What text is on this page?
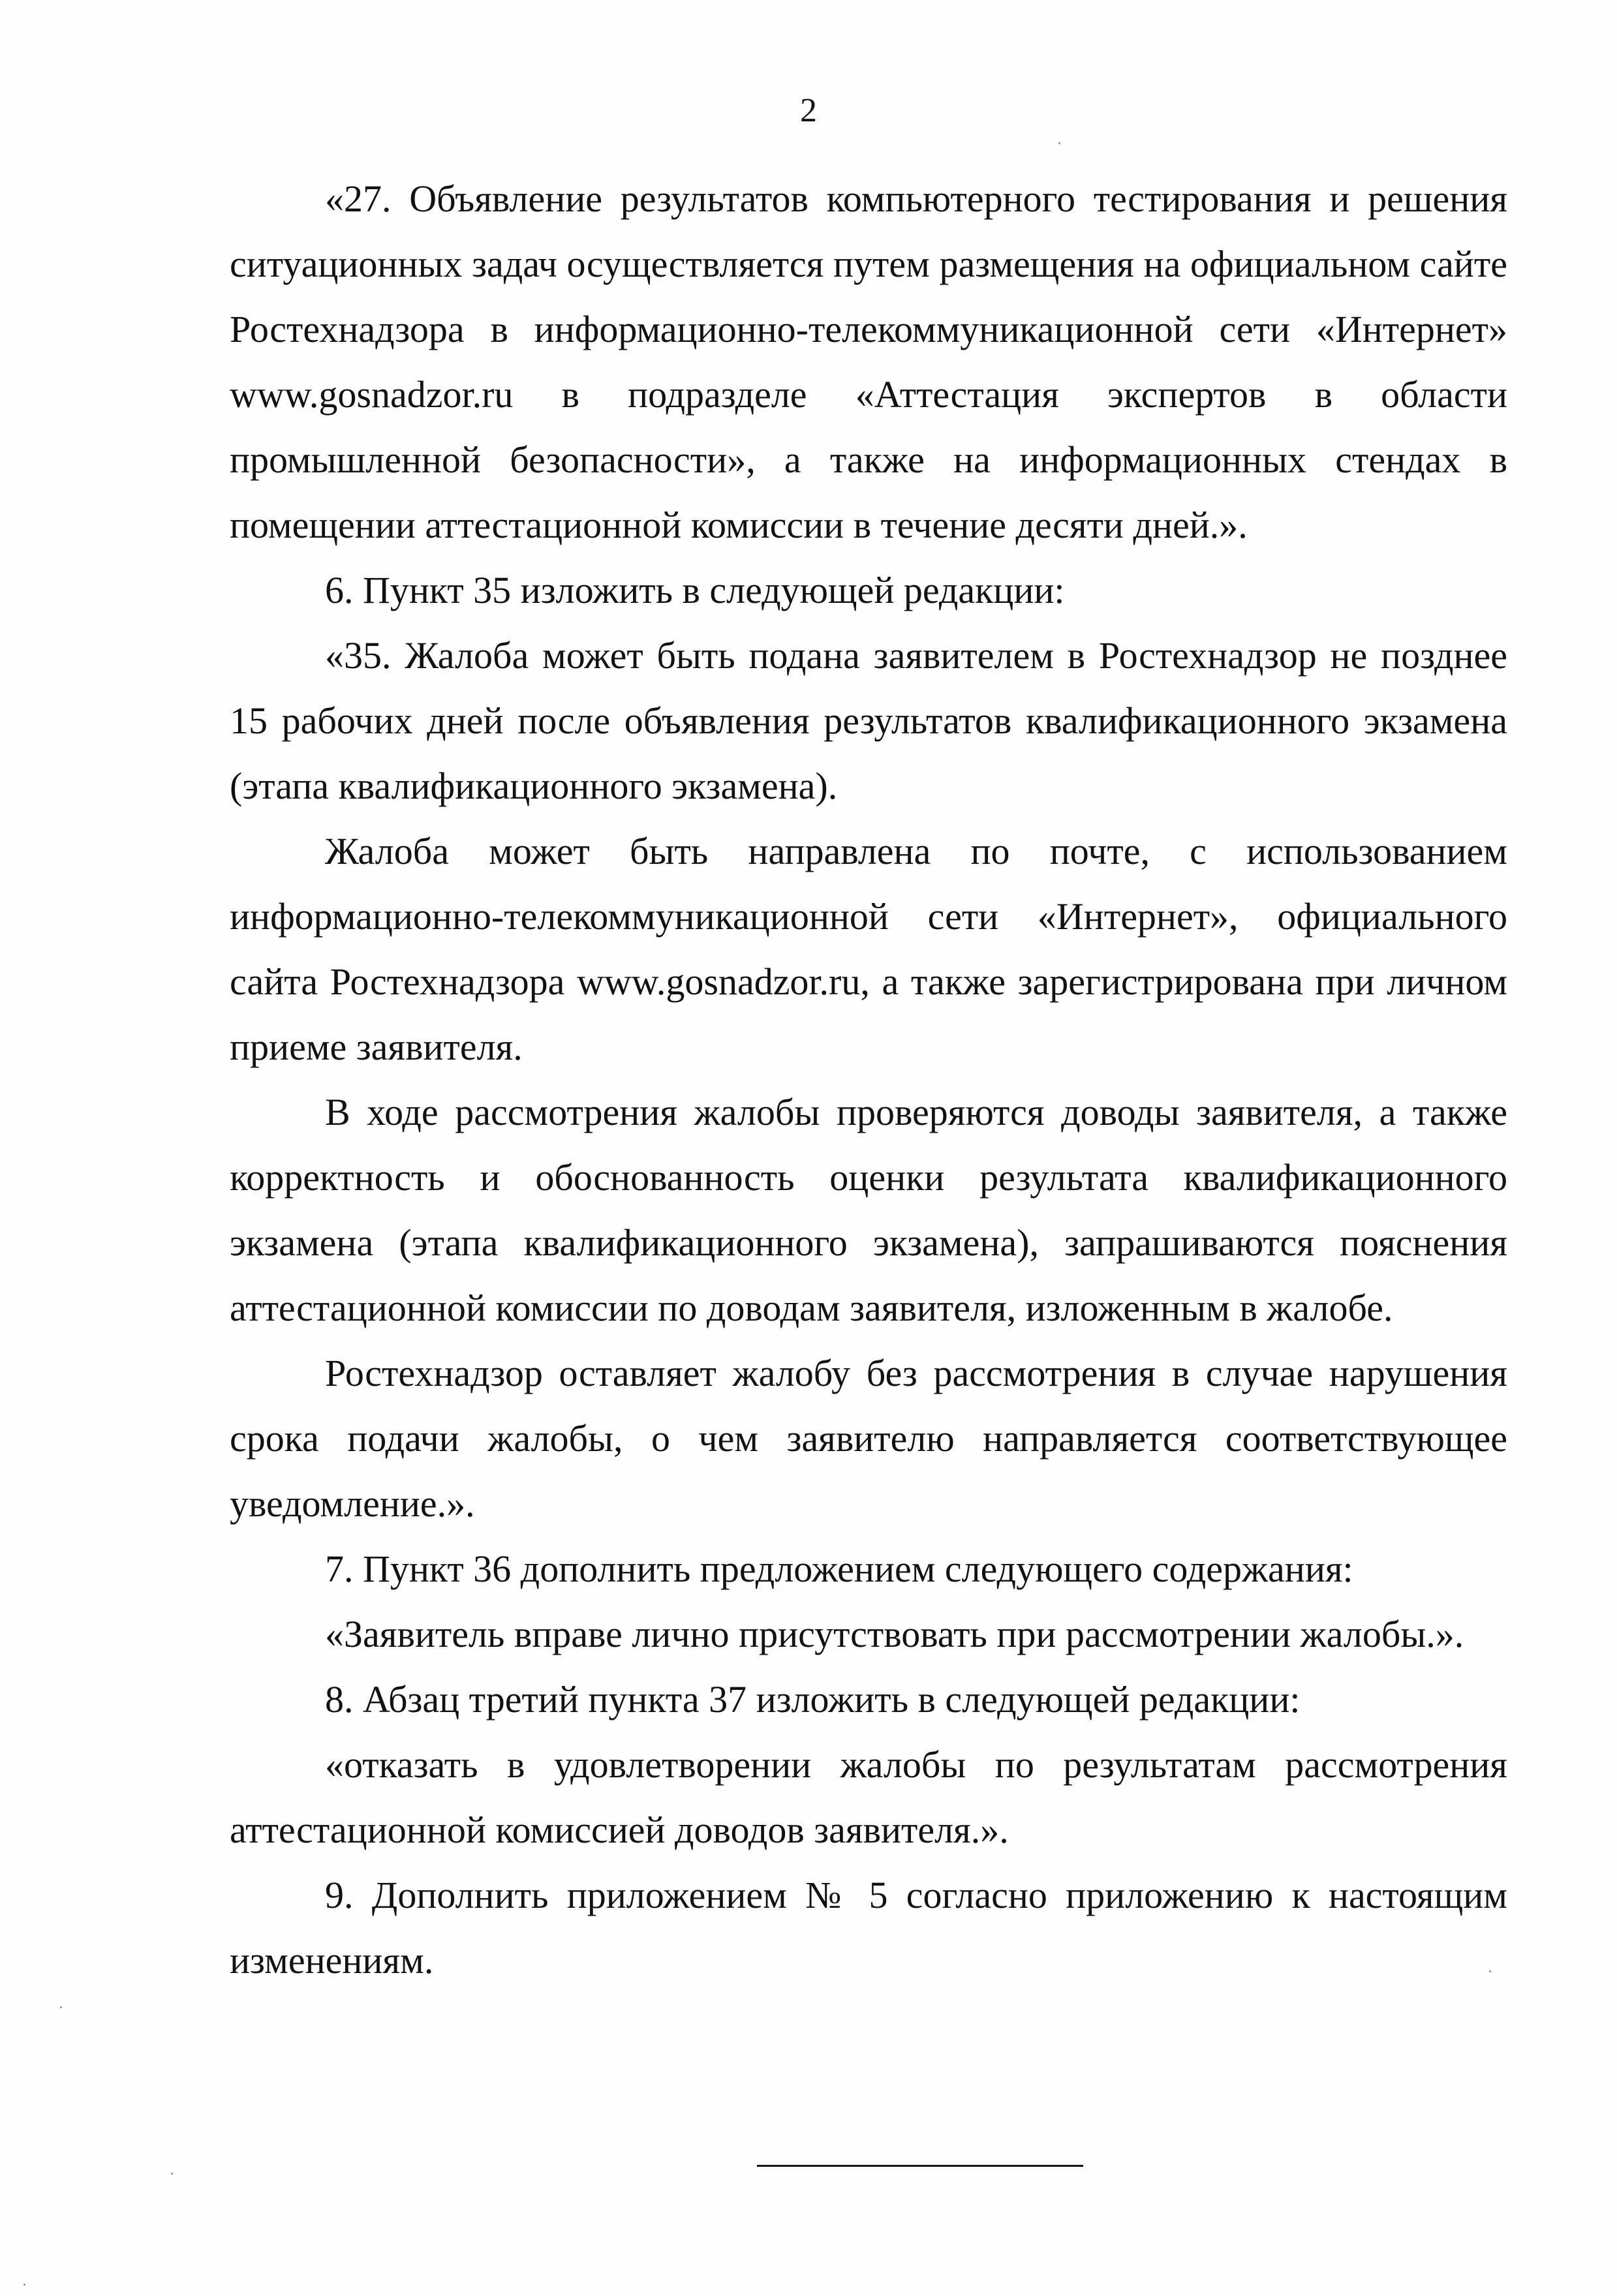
2

«27. Объявление результатов компьютерного тестирования и решения ситуационных задач осуществляется путем размещения на официальном сайте Ростехнадзора в информационно-телекоммуникационной сети «Интернет» www.gosnadzor.ru в подразделе «Аттестация экспертов в области промышленной безопасности», а также на информационных стендах в помещении аттестационной комиссии в течение десяти дней.».

6. Пункт 35 изложить в следующей редакции:

«35. Жалоба может быть подана заявителем в Ростехнадзор не позднее 15 рабочих дней после объявления результатов квалификационного экзамена (этапа квалификационного экзамена).

Жалоба может быть направлена по почте, с использованием информационно-телекоммуникационной сети «Интернет», официального сайта Ростехнадзора www.gosnadzor.ru, а также зарегистрирована при личном приеме заявителя.

В ходе рассмотрения жалобы проверяются доводы заявителя, а также корректность и обоснованность оценки результата квалификационного экзамена (этапа квалификационного экзамена), запрашиваются пояснения аттестационной комиссии по доводам заявителя, изложенным в жалобе.

Ростехнадзор оставляет жалобу без рассмотрения в случае нарушения срока подачи жалобы, о чем заявителю направляется соответствующее уведомление.».

7. Пункт 36 дополнить предложением следующего содержания:

«Заявитель вправе лично присутствовать при рассмотрении жалобы.».

8. Абзац третий пункта 37 изложить в следующей редакции:

«отказать в удовлетворении жалобы по результатам рассмотрения аттестационной комиссией доводов заявителя.».

9. Дополнить приложением № 5 согласно приложению к настоящим изменениям.
